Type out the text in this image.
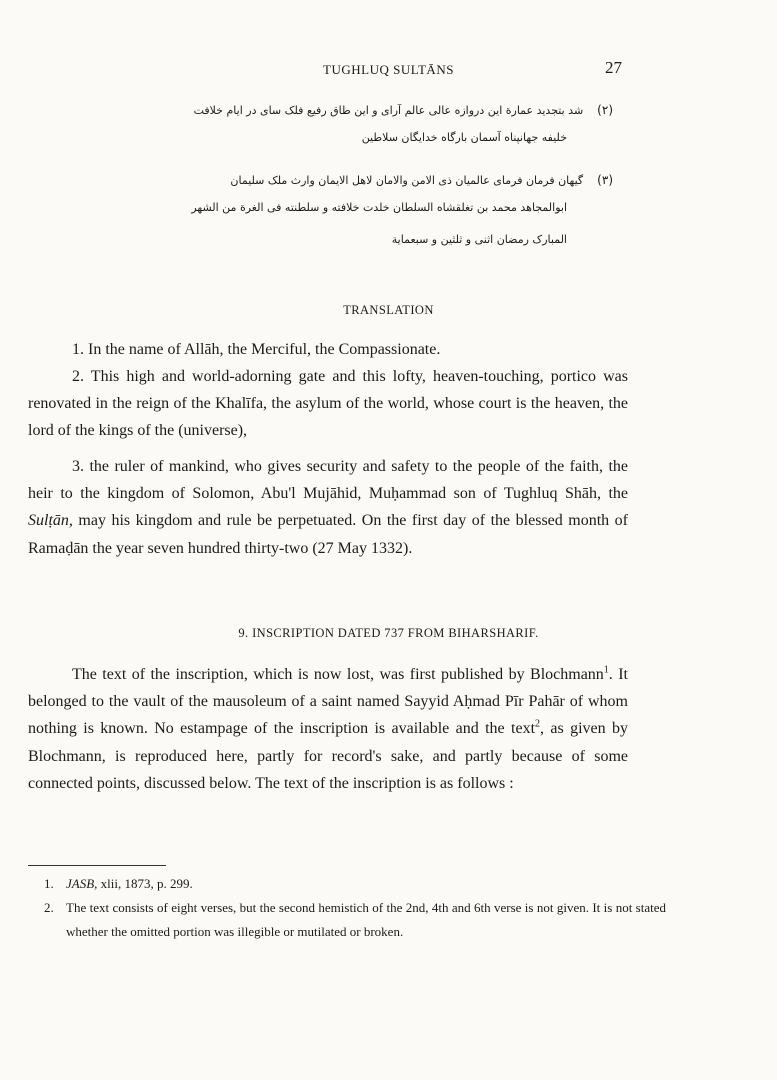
TUGHLUQ SULTĀNS	27
(۲)شد بتجدید عمارة این دروازه عالی عالم آرای و این طاق رفیع فلک سای در ایام خلافت
خلیفه جهانپناه آسمان بارگاه خدایگان سلاطین
(۳)گیهان فرمان فرمای عالمیان ذی الامن والامان لاهل الایمان وارث ملک سلیمان
ابوالمجاهد محمد بن تغلقشاه السلطان خلدت خلافته و سلطنته فی الغرة من الشهر
المبارک رمضان اثنی و ثلثین و سبعمایة
TRANSLATION

1. In the name of Allāh, the Merciful, the Compassionate.

2. This high and world-adorning gate and this lofty, heaven-touching, portico was renovated in the reign of the Khalīfa, the asylum of the world, whose court is the heaven, the lord of the kings of the (universe),

3. the ruler of mankind, who gives security and safety to the people of the faith, the heir to the kingdom of Solomon, Abu'l Mujāhid, Muḥammad son of Tughluq Shāh, the Sulṭān, may his kingdom and rule be perpetuated. On the first day of the blessed month of Ramaḍān the year seven hundred thirty-two (27 May 1332).

9. INSCRIPTION DATED 737 FROM BIHARSHARIF.

The text of the inscription, which is now lost, was first published by Blochmann$^1$. It belonged to the vault of the mausoleum of a saint named Sayyid Aḥmad Pīr Pahār of whom nothing is known. No estampage of the inscription is available and the text$^2$, as given by Blochmann, is reproduced here, partly for record's sake, and partly because of some connected points, discussed below. The text of the inscription is as follows :

1. JASB, xlii, 1873, p. 299.

2. The text consists of eight verses, but the second hemistich of the 2nd, 4th and 6th verse is not given. It is not stated whether the omitted portion was illegible or mutilated or broken.
